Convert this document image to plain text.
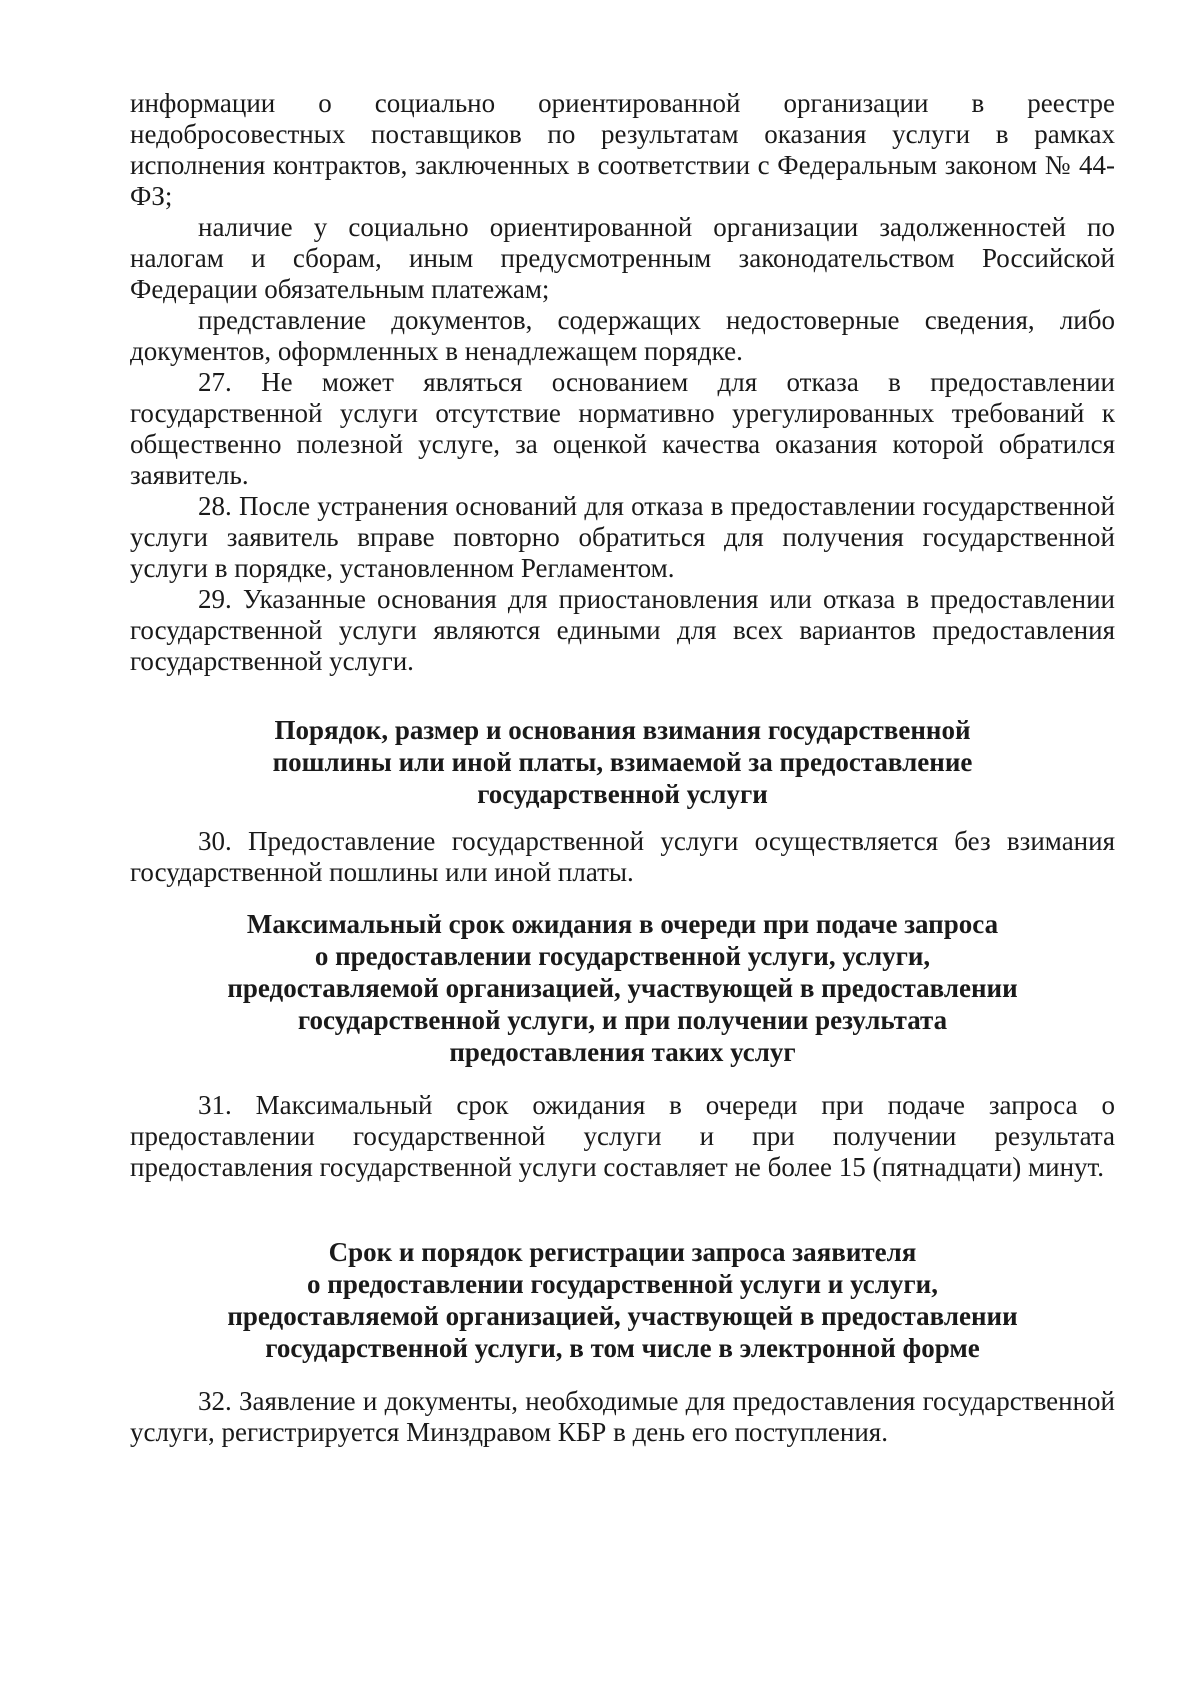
информации о социально ориентированной организации в реестре недобросовестных поставщиков по результатам оказания услуги в рамках исполнения контрактов, заключенных в соответствии с Федеральным законом № 44-ФЗ;

наличие у социально ориентированной организации задолженностей по налогам и сборам, иным предусмотренным законодательством Российской Федерации обязательным платежам;

представление документов, содержащих недостоверные сведения, либо документов, оформленных в ненадлежащем порядке.

27. Не может являться основанием для отказа в предоставлении государственной услуги отсутствие нормативно урегулированных требований к общественно полезной услуге, за оценкой качества оказания которой обратился заявитель.

28. После устранения оснований для отказа в предоставлении государственной услуги заявитель вправе повторно обратиться для получения государственной услуги в порядке, установленном Регламентом.

29. Указанные основания для приостановления или отказа в предоставлении государственной услуги являются едиными для всех вариантов предоставления государственной услуги.

Порядок, размер и основания взимания государственной

пошлины или иной платы, взимаемой за предоставление

государственной услуги

30. Предоставление государственной услуги осуществляется без взимания государственной пошлины или иной платы.

Максимальный срок ожидания в очереди при подаче запроса

о предоставлении государственной услуги, услуги,

предоставляемой организацией, участвующей в предоставлении

государственной услуги, и при получении результата

предоставления таких услуг

31. Максимальный срок ожидания в очереди при подаче запроса о предоставлении государственной услуги и при получении результата предоставления государственной услуги составляет не более 15 (пятнадцати) минут.

Срок и порядок регистрации запроса заявителя

о предоставлении государственной услуги и услуги,

предоставляемой организацией, участвующей в предоставлении

государственной услуги, в том числе в электронной форме

32. Заявление и документы, необходимые для предоставления государственной услуги, регистрируется Минздравом КБР в день его поступления.
